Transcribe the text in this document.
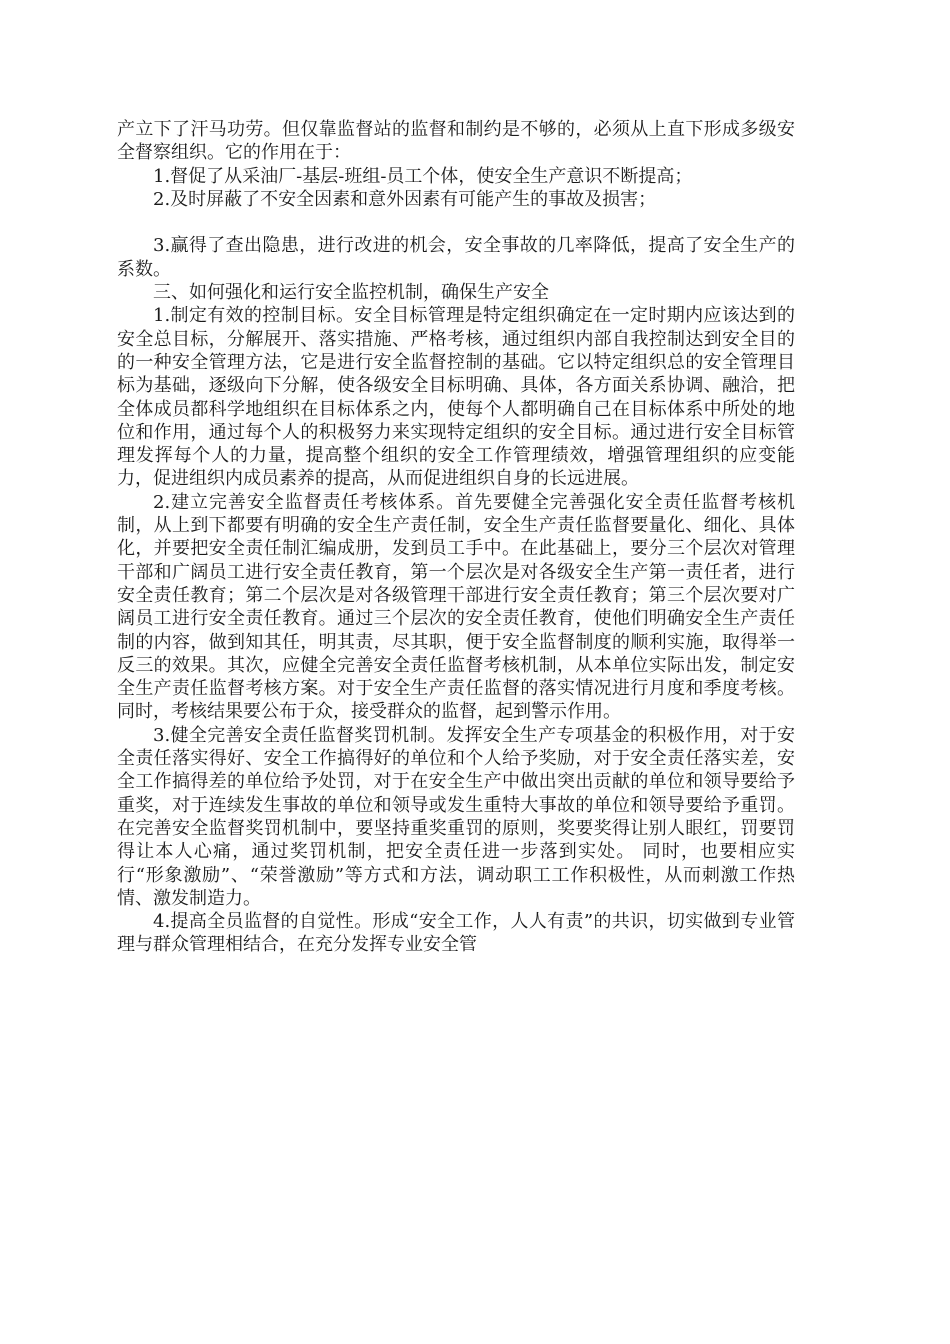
产立下了汗马功劳。但仅靠监督站的监督和制约是不够的，必须从上直下形成多级安全督察组织。它的作用在于：

1.督促了从采油厂-基层-班组-员工个体，使安全生产意识不断提高；

2.及时屏蔽了不安全因素和意外因素有可能产生的事故及损害；

3.赢得了查出隐患，进行改进的机会，安全事故的几率降低，提高了安全生产的系数。

三、如何强化和运行安全监控机制，确保生产安全

1.制定有效的控制目标。安全目标管理是特定组织确定在一定时期内应该达到的安全总目标，分解展开、落实措施、严格考核，通过组织内部自我控制达到安全目的的一种安全管理方法，它是进行安全监督控制的基础。它以特定组织总的安全管理目标为基础，逐级向下分解，使各级安全目标明确、具体，各方面关系协调、融洽，把全体成员都科学地组织在目标体系之内，使每个人都明确自己在目标体系中所处的地位和作用，通过每个人的积极努力来实现特定组织的安全目标。通过进行安全目标管理发挥每个人的力量，提高整个组织的安全工作管理绩效，增强管理组织的应变能力，促进组织内成员素养的提高，从而促进组织自身的长远进展。

2.建立完善安全监督责任考核体系。首先要健全完善强化安全责任监督考核机制，从上到下都要有明确的安全生产责任制，安全生产责任监督要量化、细化、具体化，并要把安全责任制汇编成册，发到员工手中。在此基础上，要分三个层次对管理干部和广阔员工进行安全责任教育，第一个层次是对各级安全生产第一责任者，进行安全责任教育；第二个层次是对各级管理干部进行安全责任教育；第三个层次要对广阔员工进行安全责任教育。通过三个层次的安全责任教育，使他们明确安全生产责任制的内容，做到知其任，明其责，尽其职，便于安全监督制度的顺利实施，取得举一反三的效果。其次，应健全完善安全责任监督考核机制，从本单位实际出发，制定安全生产责任监督考核方案。对于安全生产责任监督的落实情况进行月度和季度考核。同时，考核结果要公布于众，接受群众的监督，起到警示作用。

3.健全完善安全责任监督奖罚机制。发挥安全生产专项基金的积极作用，对于安全责任落实得好、安全工作搞得好的单位和个人给予奖励，对于安全责任落实差，安全工作搞得差的单位给予处罚，对于在安全生产中做出突出贡献的单位和领导要给予重奖，对于连续发生事故的单位和领导或发生重特大事故的单位和领导要给予重罚。在完善安全监督奖罚机制中，要坚持重奖重罚的原则，奖要奖得让别人眼红，罚要罚得让本人心痛，通过奖罚机制，把安全责任进一步落到实处。 同时，也要相应实行“形象激励”、“荣誉激励”等方式和方法，调动职工工作积极性，从而刺激工作热情、激发制造力。

4.提高全员监督的自觉性。形成“安全工作，人人有责”的共识，切实做到专业管理与群众管理相结合，在充分发挥专业安全管
